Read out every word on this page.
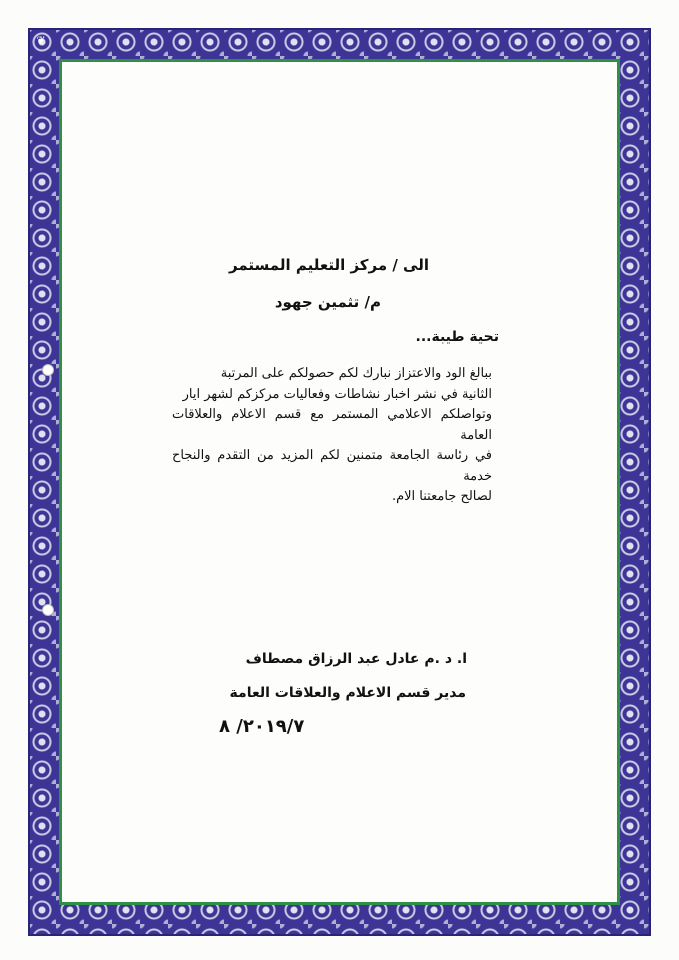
❦
الى / مركز التعليم المستمر
م/ تثمين جهود
تحية طيبة...
ببالغ الود والاعتزاز نبارك لكم حصولكم على المرتبة
الثانية في نشر اخبار نشاطات وفعاليات مركزكم لشهر ايار
وتواصلكم الاعلامي المستمر مع قسم الاعلام والعلاقات العامة
في رئاسة الجامعة متمنين لكم المزيد من التقدم والنجاح خدمة
لصالح جامعتنا الام.
ا. د .م عادل عبد الرزاق مصطاف
مدير قسم الاعلام والعلاقات العامة
٢٠١٩/٧/ ٨
